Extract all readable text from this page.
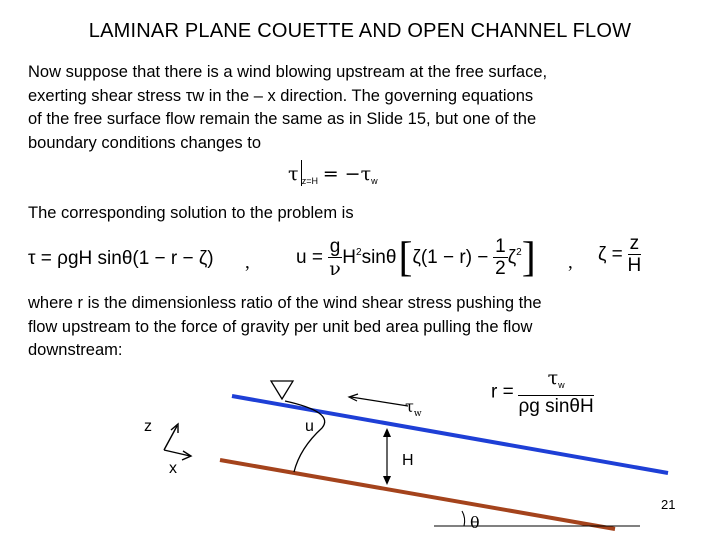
LAMINAR PLANE COUETTE AND OPEN CHANNEL FLOW
Now suppose that there is a wind blowing upstream at the free surface,
exerting shear stress τw in the – x direction. The governing equations
of the free surface flow remain the same as in Slide 15, but one of the
boundary conditions changes to
τ $_{z=H} = -\tau_w$
The corresponding solution to the problem is
τ = ρgH sinθ(1 − r − ζ) , $u = \frac{g}{\nu} H^2\sin\theta[\zeta(1 - r) - \frac{1}{2} \zeta^2]$ , $\zeta = \frac{z}{H}$
where r is the dimensionless ratio of the wind shear stress pushing the
flow upstream to the force of gravity per unit bed area pulling the flow
downstream:
$\tau_w$
z
x
u
H
θ
$r = \frac{\tau_w}{\text{ρg sinθH}}$
21
